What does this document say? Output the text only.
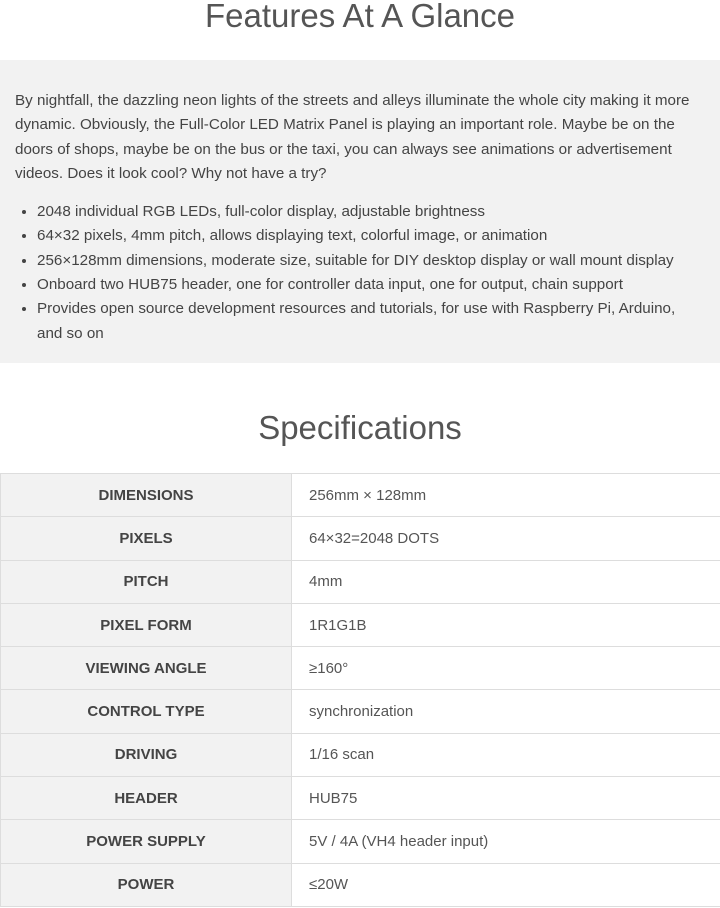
Features At A Glance

By nightfall, the dazzling neon lights of the streets and alleys illuminate the whole city making it more dynamic. Obviously, the Full-Color LED Matrix Panel is playing an important role. Maybe be on the doors of shops, maybe be on the bus or the taxi, you can always see animations or advertisement videos. Does it look cool? Why not have a try?

• 2048 individual RGB LEDs, full-color display, adjustable brightness
• 64×32 pixels, 4mm pitch, allows displaying text, colorful image, or animation
• 256×128mm dimensions, moderate size, suitable for DIY desktop display or wall mount display
• Onboard two HUB75 header, one for controller data input, one for output, chain support
• Provides open source development resources and tutorials, for use with Raspberry Pi, Arduino, and so on
Specifications
DIMENSIONS	256mm × 128mm
PIXELS	64×32=2048 DOTS
PITCH	4mm
PIXEL FORM	1R1G1B
VIEWING ANGLE	≥160°
CONTROL TYPE	synchronization
DRIVING	1/16 scan
HEADER	HUB75
POWER SUPPLY	5V / 4A (VH4 header input)
POWER	≤20W
